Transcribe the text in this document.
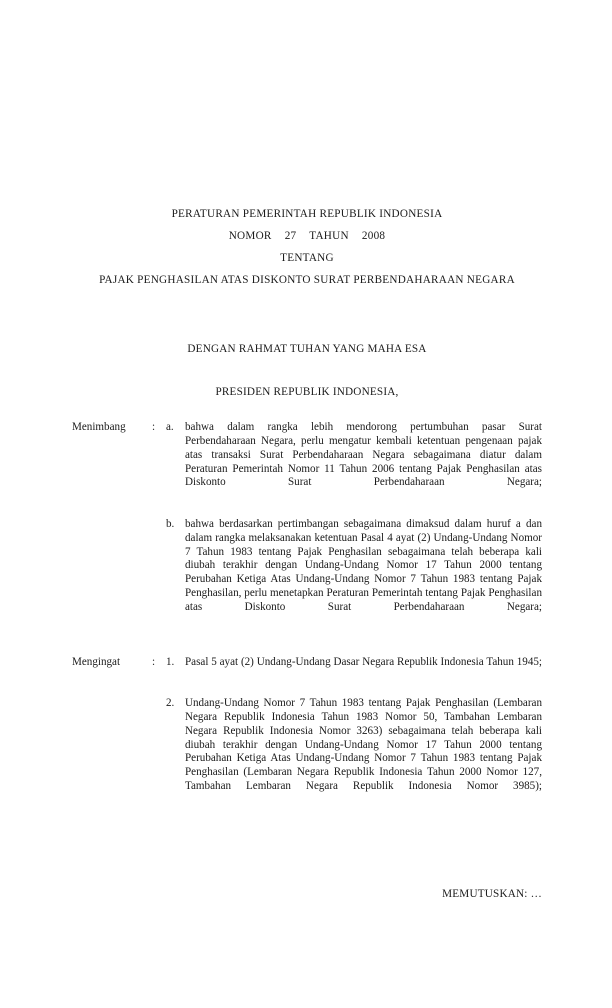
PERATURAN PEMERINTAH REPUBLIK INDONESIA
NOMOR  27  TAHUN  2008
TENTANG
PAJAK PENGHASILAN ATAS DISKONTO SURAT PERBENDAHARAAN NEGARA
DENGAN RAHMAT TUHAN YANG MAHA ESA
PRESIDEN REPUBLIK INDONESIA,
Menimbang	: a.	bahwa dalam rangka lebih mendorong pertumbuhan pasar Surat Perbendaharaan Negara, perlu mengatur kembali ketentuan pengenaan pajak atas transaksi Surat Perbendaharaan Negara sebagaimana diatur dalam Peraturan Pemerintah Nomor 11 Tahun 2006 tentang Pajak Penghasilan atas Diskonto Surat Perbendaharaan Negara;
b. bahwa berdasarkan pertimbangan sebagaimana dimaksud dalam huruf a dan dalam rangka melaksanakan ketentuan Pasal 4 ayat (2) Undang-Undang Nomor 7 Tahun 1983 tentang Pajak Penghasilan sebagaimana telah beberapa kali diubah terakhir dengan Undang-Undang Nomor 17 Tahun 2000 tentang Perubahan Ketiga Atas Undang-Undang Nomor 7 Tahun 1983 tentang Pajak Penghasilan, perlu menetapkan Peraturan Pemerintah tentang Pajak Penghasilan atas Diskonto Surat Perbendaharaan Negara;
Mengingat	: 1. Pasal 5 ayat (2) Undang-Undang Dasar Negara Republik Indonesia Tahun 1945;
2. Undang-Undang Nomor 7 Tahun 1983 tentang Pajak Penghasilan (Lembaran Negara Republik Indonesia Tahun 1983 Nomor 50, Tambahan Lembaran Negara Republik Indonesia Nomor 3263) sebagaimana telah beberapa kali diubah terakhir dengan Undang-Undang Nomor 17 Tahun 2000 tentang Perubahan Ketiga Atas Undang-Undang Nomor 7 Tahun 1983 tentang Pajak Penghasilan (Lembaran Negara Republik Indonesia Tahun 2000 Nomor 127, Tambahan Lembaran Negara Republik Indonesia Nomor 3985);
MEMUTUSKAN: …
